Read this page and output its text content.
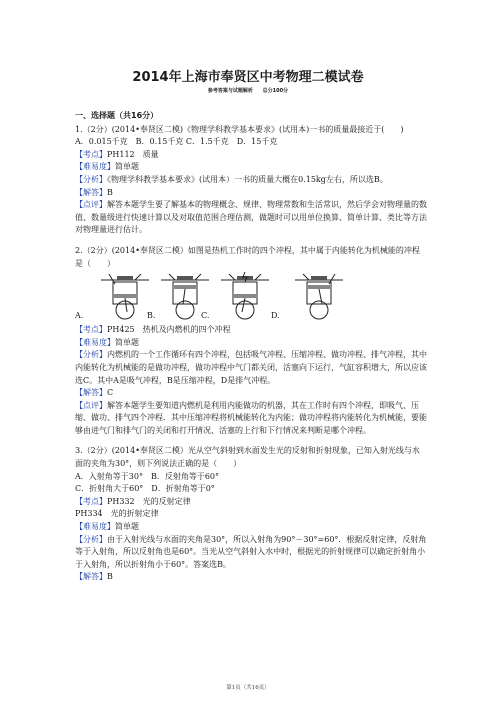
2014年上海市奉贤区中考物理二模试卷
参考答案与试题解析 总分100分

一、选择题（共16分）

1.（2分）(2014•奉贤区二模)《物理学科教学基本要求》(试用本)一书的质量最接近于(　　)

A．0.015千克　B．0.15千克 C．1.5千克　D．15千克

【考点】PH112　质量

【难易度】简单题

【分析】《物理学科教学基本要求》(试用本）一书的质量大概在0.15kg左右，所以选B。

【解答】B

【点评】解答本题学生要了解基本的物理概念、规律、物理常数和生活常识，然后学会对物理量的数值、数量级进行快速计算以及对取值范围合理估测，做题时可以用单位换算、简单计算、类比等方法对物理量进行估计。

2.（2分）(2014•奉贤区二模）如图是热机工作时的四个冲程，其中属于内能转化为机械能的冲程是（　　）

A.	B.	C.	D.

【考点】PH425　热机及内燃机的四个冲程

【难易度】简单题

【分析】内燃机的一个工作循环有四个冲程，包括吸气冲程、压缩冲程、做功冲程、排气冲程，其中内能转化为机械能的是做功冲程，做功冲程中气门都关闭，活塞向下运行，气缸容积增大，所以应该选C。其中A是吸气冲程，B是压缩冲程，D是排气冲程。

【解答】C

【点评】解答本题学生要知道内燃机是利用内能做功的机器，其在工作时有四个冲程，即吸气、压缩、做功、排气四个冲程．其中压缩冲程将机械能转化为内能；做功冲程将内能转化为机械能，要能够由进气门和排气门的关闭和打开情况、活塞的上行和下行情况来判断是哪个冲程。

3.（2分）(2014•奉贤区二模）光从空气斜射到水面发生光的反射和折射现象，已知入射光线与水面的夹角为30°，则下列说法正确的是（　　）

A．入射角等于30°　B．反射角等于60°

C．折射角大于60°　D．折射角等于0°

【考点】PH332　光的反射定律

PH334　光的折射定律

【难易度】简单题

【分析】由于入射光线与水面的夹角是30°，所以入射角为90°－30°=60°．根据反射定律，反射角等于入射角，所以反射角也是60°。当光从空气斜射入水中时，根据光的折射规律可以确定折射角小于入射角，所以折射角小于60°。答案选B。

【解答】B

第1页（共16页）
